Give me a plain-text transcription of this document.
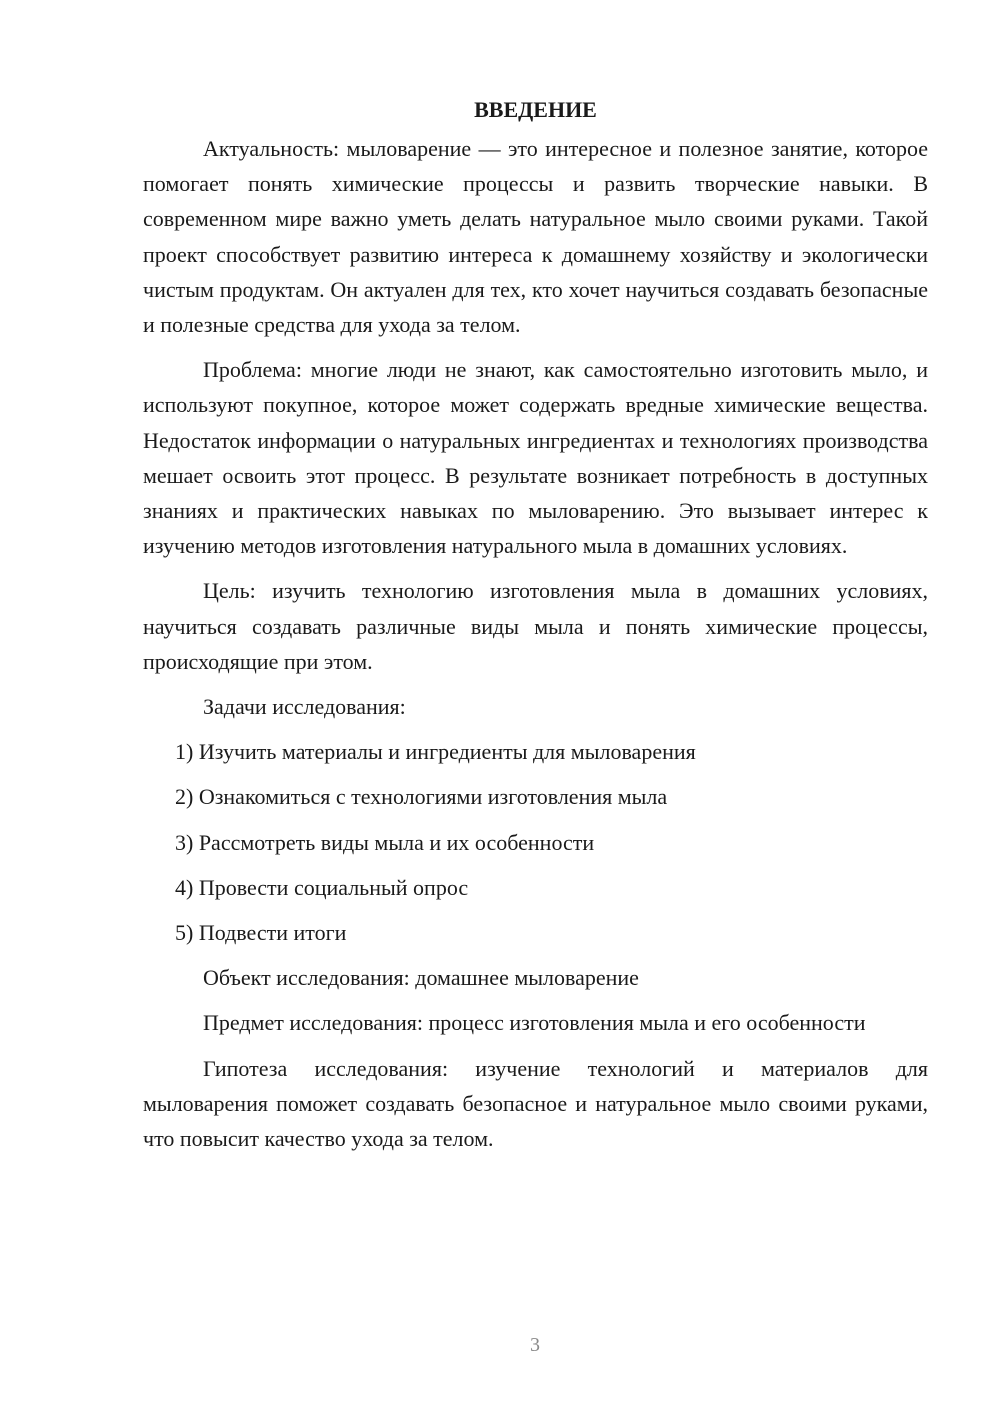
ВВЕДЕНИЕ

Актуальность: мыловарение — это интересное и полезное занятие, которое помогает понять химические процессы и развить творческие навыки. В современном мире важно уметь делать натуральное мыло своими руками. Такой проект способствует развитию интереса к домашнему хозяйству и экологически чистым продуктам. Он актуален для тех, кто хочет научиться создавать безопасные и полезные средства для ухода за телом.

Проблема: многие люди не знают, как самостоятельно изготовить мыло, и используют покупное, которое может содержать вредные химические вещества. Недостаток информации о натуральных ингредиентах и технологиях производства мешает освоить этот процесс. В результате возникает потребность в доступных знаниях и практических навыках по мыловарению. Это вызывает интерес к изучению методов изготовления натурального мыла в домашних условиях.

Цель: изучить технологию изготовления мыла в домашних условиях, научиться создавать различные виды мыла и понять химические процессы, происходящие при этом.

Задачи исследования:

1) Изучить материалы и ингредиенты для мыловарения
2) Ознакомиться с технологиями изготовления мыла
3) Рассмотреть виды мыла и их особенности
4) Провести социальный опрос
5) Подвести итоги

Объект исследования: домашнее мыловарение

Предмет исследования: процесс изготовления мыла и его особенности

Гипотеза исследования: изучение технологий и материалов для мыловарения поможет создавать безопасное и натуральное мыло своими руками, что повысит качество ухода за телом.

3
